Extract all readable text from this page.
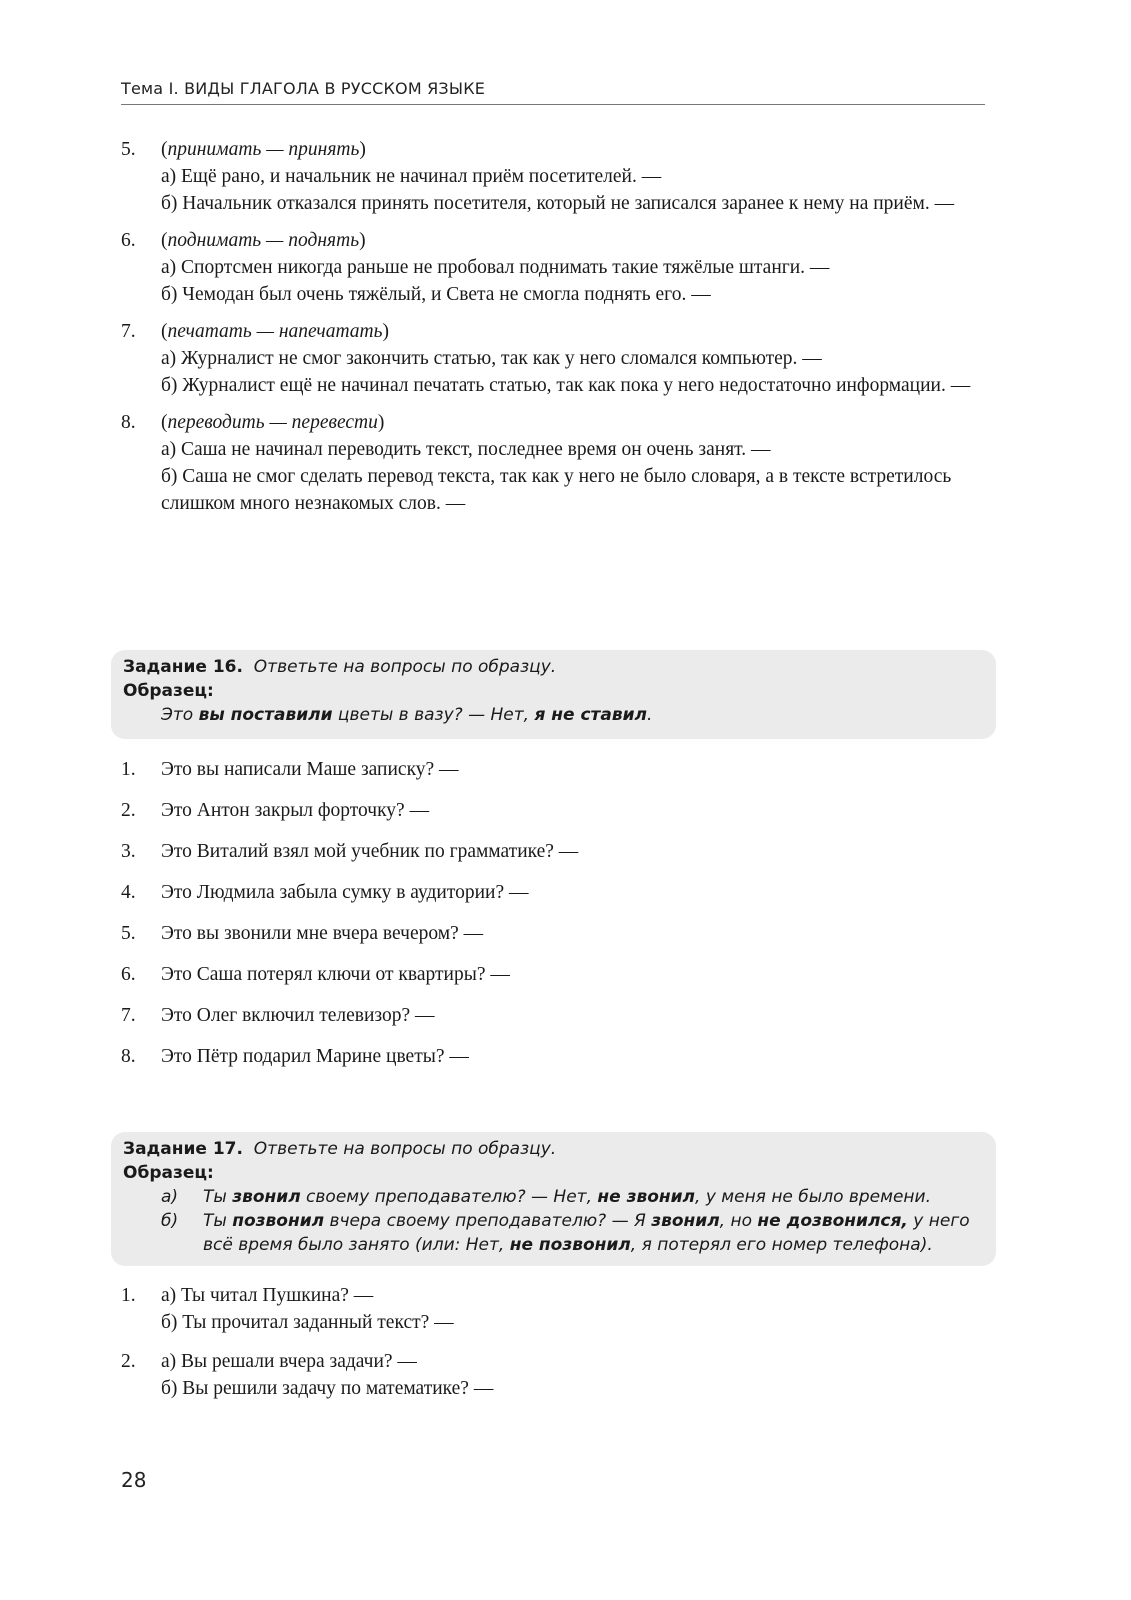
Тема I. ВИДЫ ГЛАГОЛА В РУССКОМ ЯЗЫКЕ
5. (принимать — принять)
а) Ещё рано, и начальник не начинал приём посетителей. —
б) Начальник отказался принять посетителя, который не записался заранее к нему на приём. —
6. (поднимать — поднять)
а) Спортсмен никогда раньше не пробовал поднимать такие тяжёлые штанги. —
б) Чемодан был очень тяжёлый, и Света не смогла поднять его. —
7. (печатать — напечатать)
а) Журналист не смог закончить статью, так как у него сломался компьютер. —
б) Журналист ещё не начинал печатать статью, так как пока у него недостаточно информации. —
8. (переводить — перевести)
а) Саша не начинал переводить текст, последнее время он очень занят. —
б) Саша не смог сделать перевод текста, так как у него не было словаря, а в тексте встретилось слишком много незнакомых слов. —
Задание 16. Ответьте на вопросы по образцу.
Образец:
Это вы поставили цветы в вазу? — Нет, я не ставил.
1. Это вы написали Маше записку? —
2. Это Антон закрыл форточку? —
3. Это Виталий взял мой учебник по грамматике? —
4. Это Людмила забыла сумку в аудитории? —
5. Это вы звонили мне вчера вечером? —
6. Это Саша потерял ключи от квартиры? —
7. Это Олег включил телевизор? —
8. Это Пётр подарил Марине цветы? —
Задание 17. Ответьте на вопросы по образцу.
Образец:
а) Ты звонил своему преподавателю? — Нет, не звонил, у меня не было времени.
б) Ты позвонил вчера своему преподавателю? — Я звонил, но не дозвонился, у него всё время было занято (или: Нет, не позвонил, я потерял его номер телефона).
1. а) Ты читал Пушкина? —
б) Ты прочитал заданный текст? —
2. а) Вы решали вчера задачи? —
б) Вы решили задачу по математике? —
28
